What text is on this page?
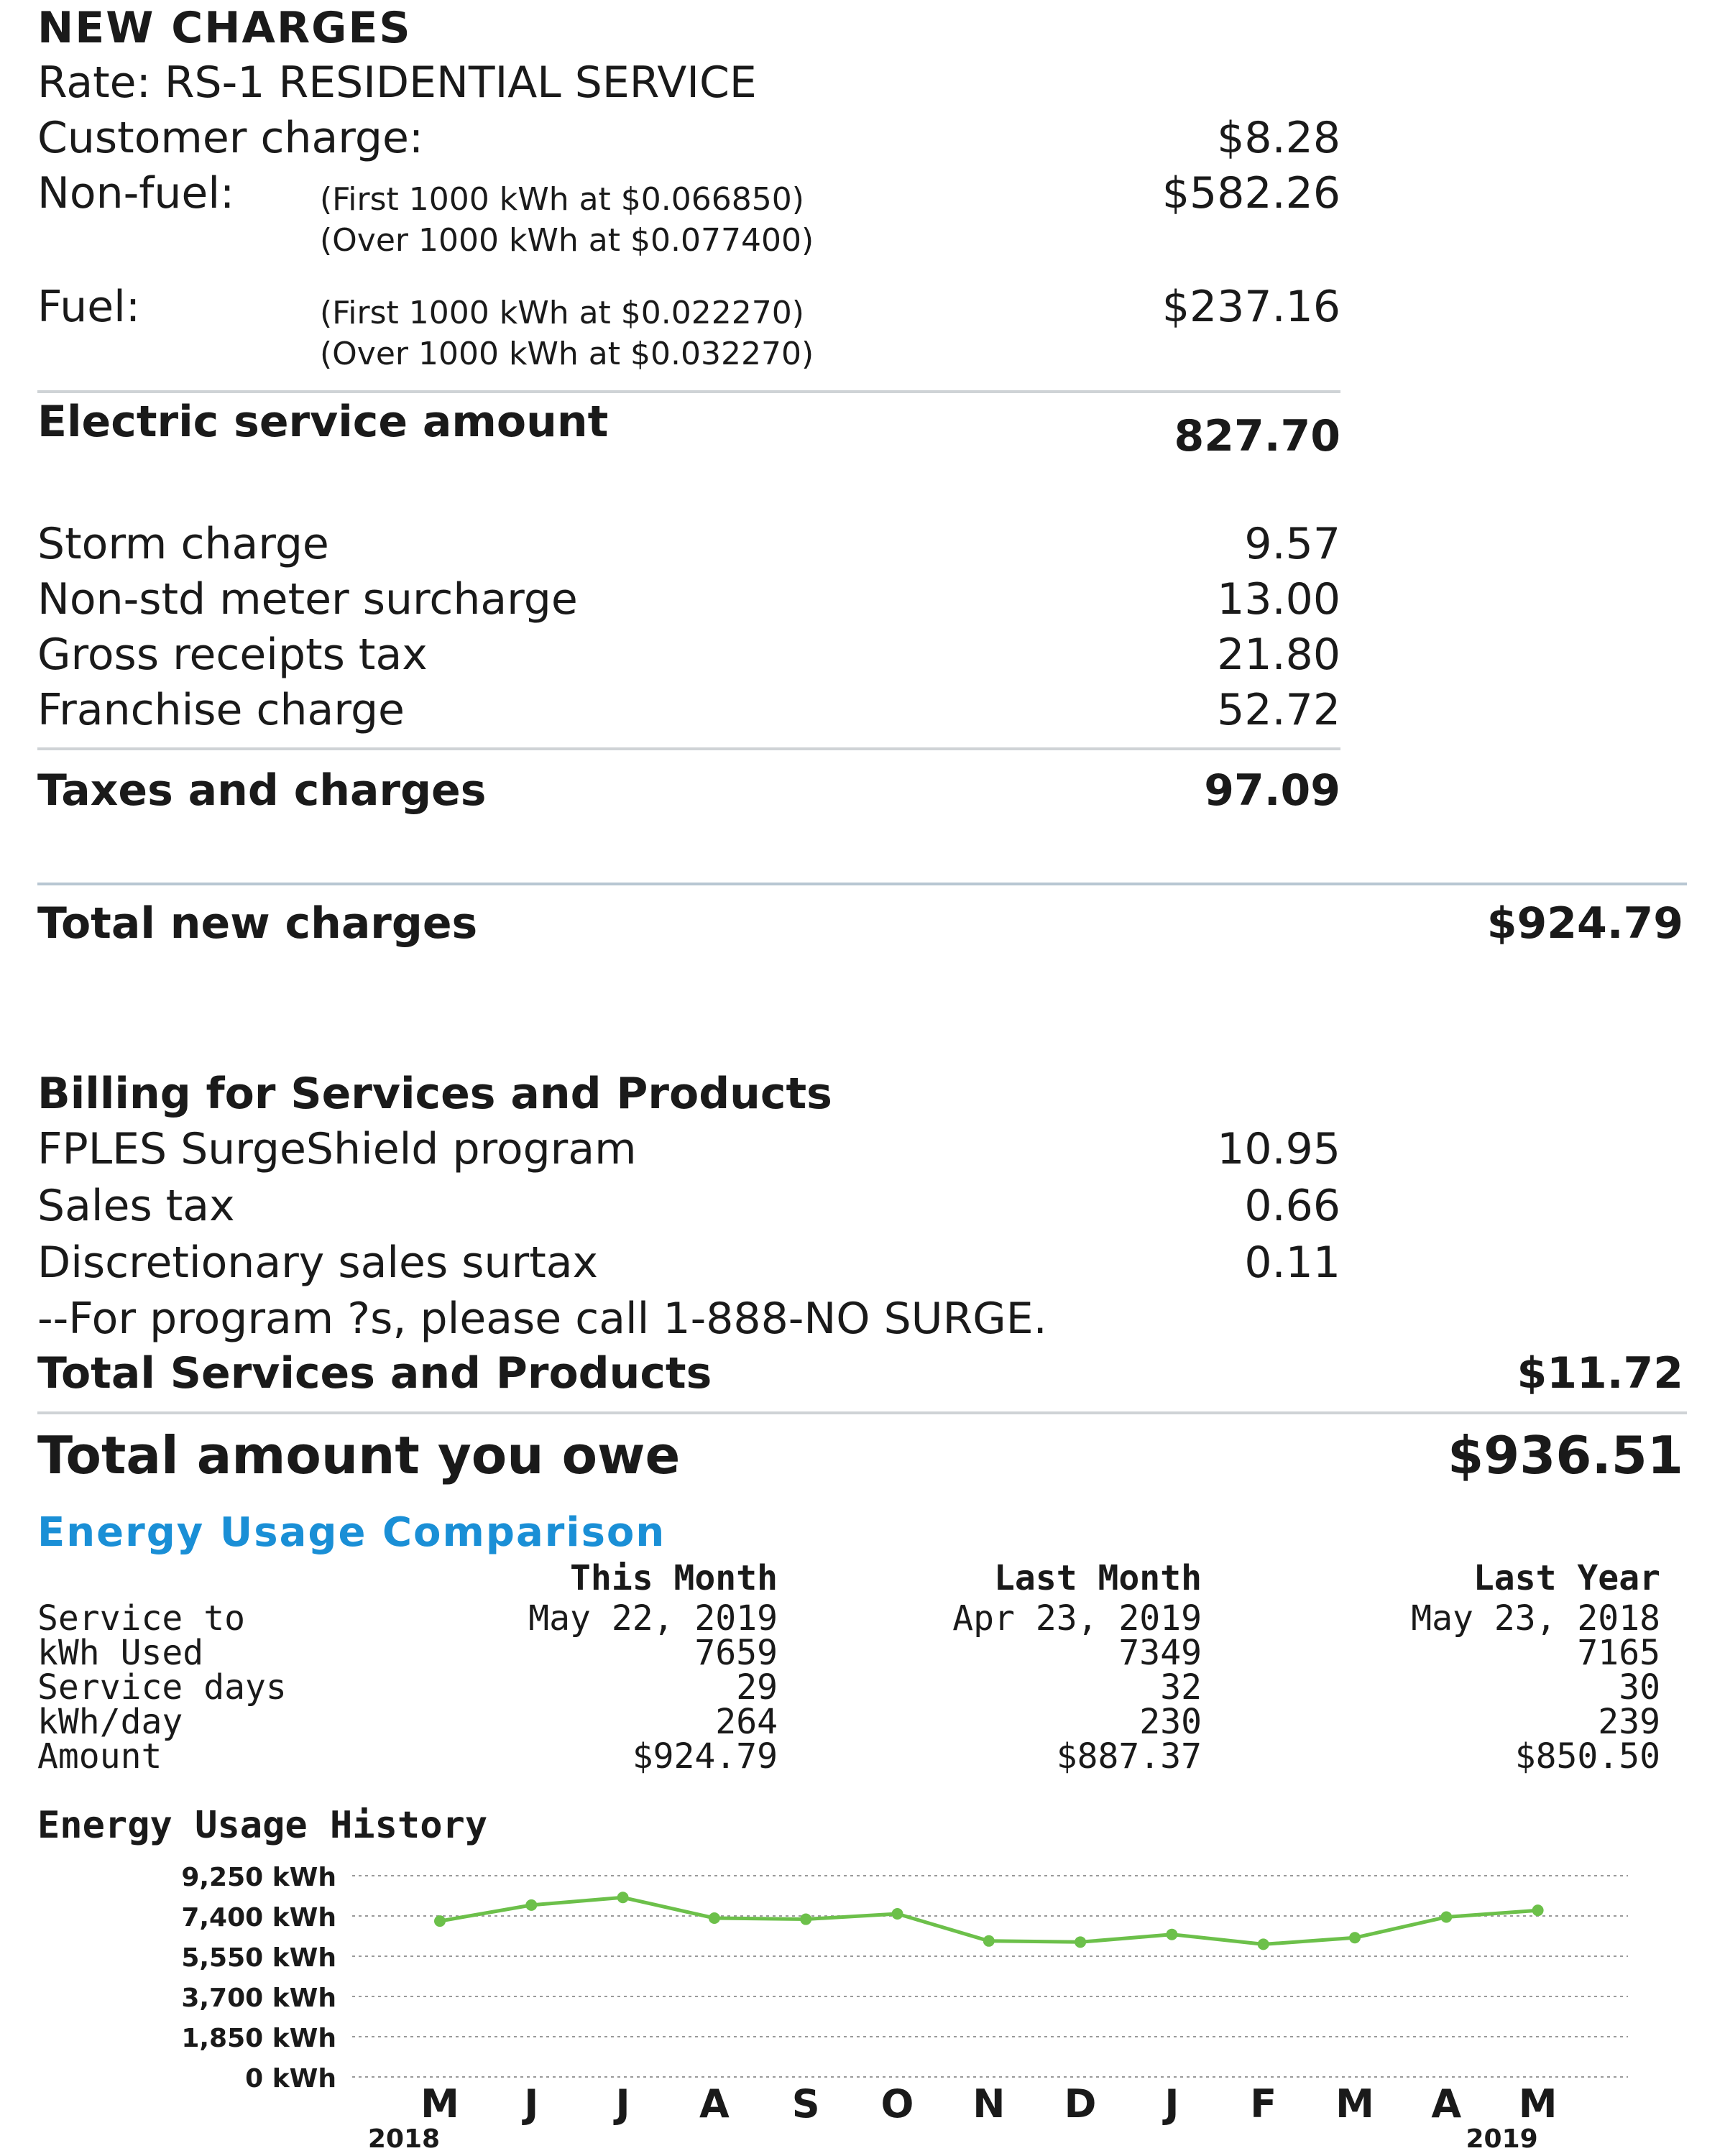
NEW CHARGES
Rate: RS-1 RESIDENTIAL SERVICE
Customer charge:	$8.28
Non-fuel:	(First 1000 kWh at $0.066850)
(Over 1000 kWh at $0.077400)
$582.26
Fuel:	(First 1000 kWh at $0.022270)
(Over 1000 kWh at $0.032270)
$237.16
Electric service amount	827.70
Storm charge	9.57
Non-std meter surcharge	13.00
Gross receipts tax	21.80
Franchise charge	52.72
Taxes and charges	97.09
Total new charges	$924.79
Billing for Services and Products
FPLES SurgeShield program	10.95
Sales tax	0.66
Discretionary sales surtax	0.11
--For program ?s, please call 1-888-NO SURGE.
Total Services and Products	$11.72
Total amount you owe	$936.51
Energy Usage Comparison
This Month	Last Month	Last Year
Service to	May 22, 2019	Apr 23, 2019	May 23, 2018
kWh Used	7659	7349	7165
Service days	29	32	30
kWh/day	264	230	239
Amount	$924.79	$887.37	$850.50
Energy Usage History
9,250 kWh
7,400 kWh
5,550 kWh
3,700 kWh
1,850 kWh
0 kWh
M J J A S O N D J F M A M
2018	2019
